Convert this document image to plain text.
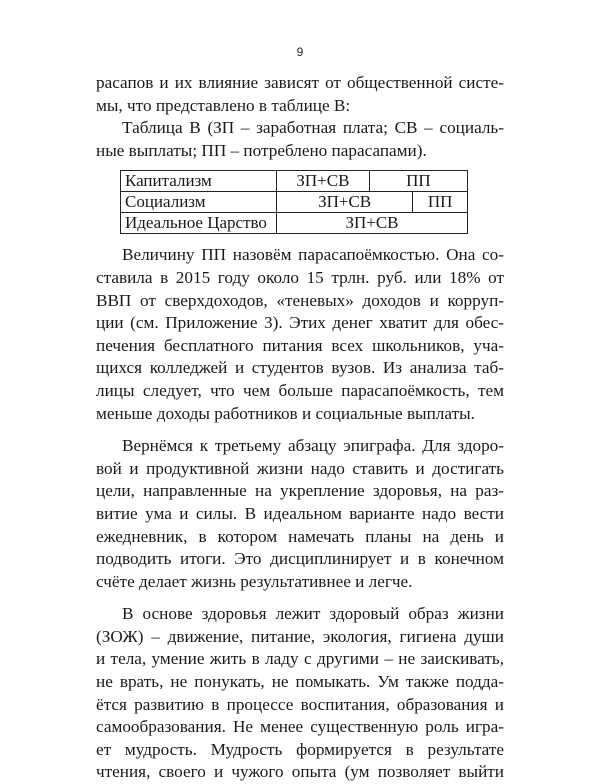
9

расапов и их влияние зависят от общественной систе-
мы, что представлено в таблице В:

Таблица В (ЗП – заработная плата; СВ – социаль-

ные выплаты; ПП – потреблено парасапами).

Капитализм	ЗП+СВ		ПП	
Социализм	ЗП+СВ			ПП
Идеальное Царство	ЗП+СВ			

Величину ПП назовём парасапоёмкостью. Она со-
ставила в 2015 году около 15 трлн. руб. или 18% от
ВВП от сверхдоходов, «теневых» доходов и корруп-
ции (см. Приложение 3). Этих денег хватит для обес-
печения бесплатного питания всех школьников, уча-
щихся колледжей и студентов вузов. Из анализа таб-
лицы следует, что чем больше парасапоёмкость, тем
меньше доходы работников и социальные выплаты.

Вернёмся к третьему абзацу эпиграфа. Для здоро-
вой и продуктивной жизни надо ставить и достигать
цели, направленные на укрепление здоровья, на раз-
витие ума и силы. В идеальном варианте надо вести
ежедневник, в котором намечать планы на день и
подводить итоги. Это дисциплинирует и в конечном
счёте делает жизнь результативнее и легче.

В основе здоровья лежит здоровый образ жизни
(ЗОЖ) – движение, питание, экология, гигиена души
и тела, умение жить в ладу с другими – не заискивать,
не врать, не понукать, не помыкать. Ум также подда-
ётся развитию в процессе воспитания, образования и
самообразования. Не менее существенную роль игра-
ет мудрость. Мудрость формируется в результате
чтения, своего и чужого опыта (ум позволяет выйти
